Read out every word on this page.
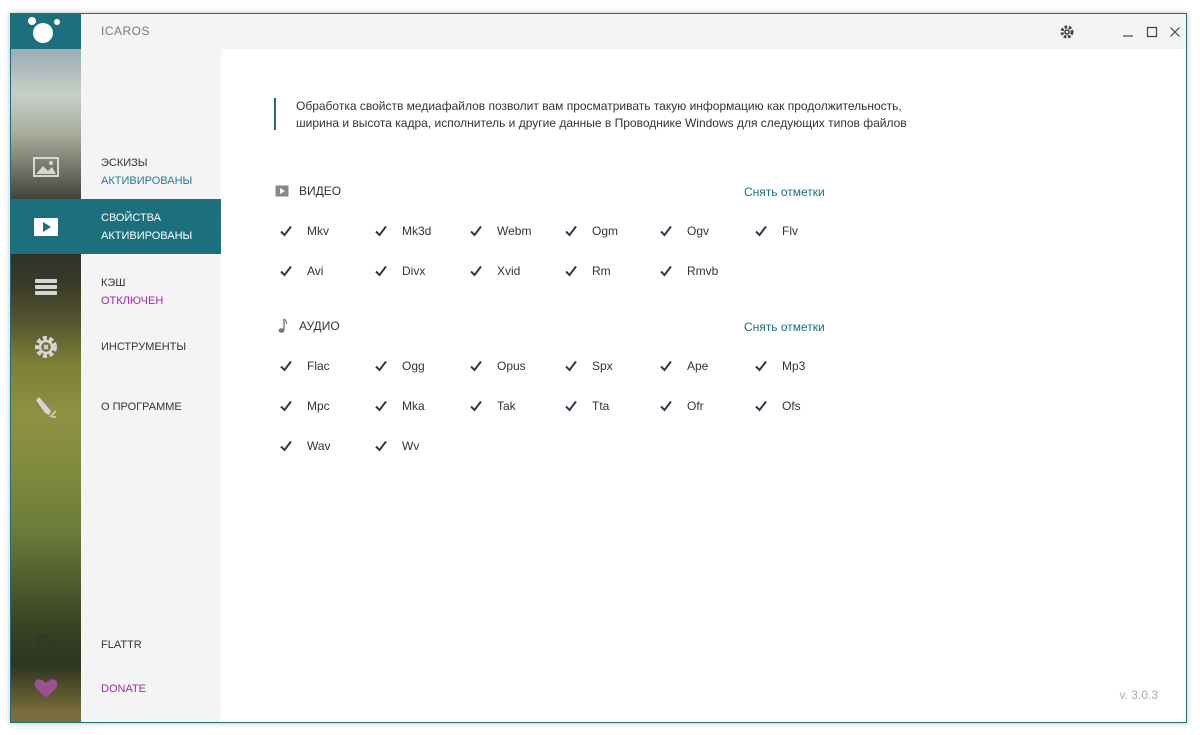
ICAROS
ЭСКИЗЫ
АКТИВИРОВАНЫ
СВОЙСТВА
АКТИВИРОВАНЫ
КЭШ
ОТКЛЮЧЕН
ИНСТРУМЕНТЫ
О ПРОГРАММЕ
FLATTR
DONATE
Обработка свойств медиафайлов позволит вам просматривать такую информацию как продолжительность,
ширина и высота кадра, исполнитель и другие данные в Проводнике Windows для следующих типов файлов
ВИДЕО	Снять отметки
Mkv	Mk3d	Webm	Ogm	Ogv	Flv
Avi	Divx	Xvid	Rm	Rmvb
АУДИО	Снять отметки
Flac	Ogg	Opus	Spx	Ape	Mp3
Mpc	Mka	Tak	Tta	Ofr	Ofs
Wav	Wv
v. 3.0.3
